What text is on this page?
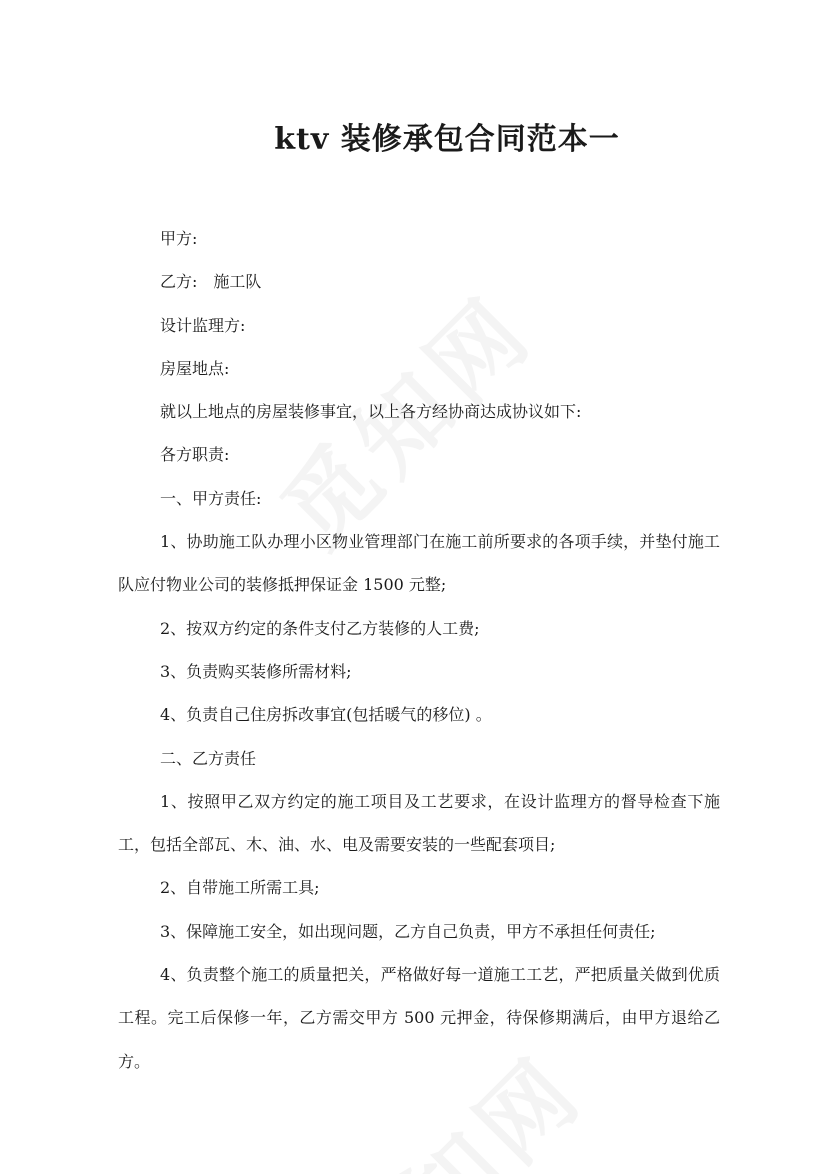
ktv 装修承包合同范本一

甲方:

乙方:　施工队

设计监理方:

房屋地点:

就以上地点的房屋装修事宜，以上各方经协商达成协议如下:

各方职责:

一、甲方责任:

1、协助施工队办理小区物业管理部门在施工前所要求的各项手续，并垫付施工队应付物业公司的装修抵押保证金 1500 元整;

2、按双方约定的条件支付乙方装修的人工费;

3、负责购买装修所需材料;

4、负责自己住房拆改事宜(包括暖气的移位) 。

二、乙方责任

1、按照甲乙双方约定的施工项目及工艺要求，在设计监理方的督导检查下施工，包括全部瓦、木、油、水、电及需要安装的一些配套项目;

2、自带施工所需工具;

3、保障施工安全，如出现问题，乙方自己负责，甲方不承担任何责任;

4、负责整个施工的质量把关，严格做好每一道施工工艺，严把质量关做到优质工程。完工后保修一年，乙方需交甲方 500 元押金，待保修期满后，由甲方退给乙方。
